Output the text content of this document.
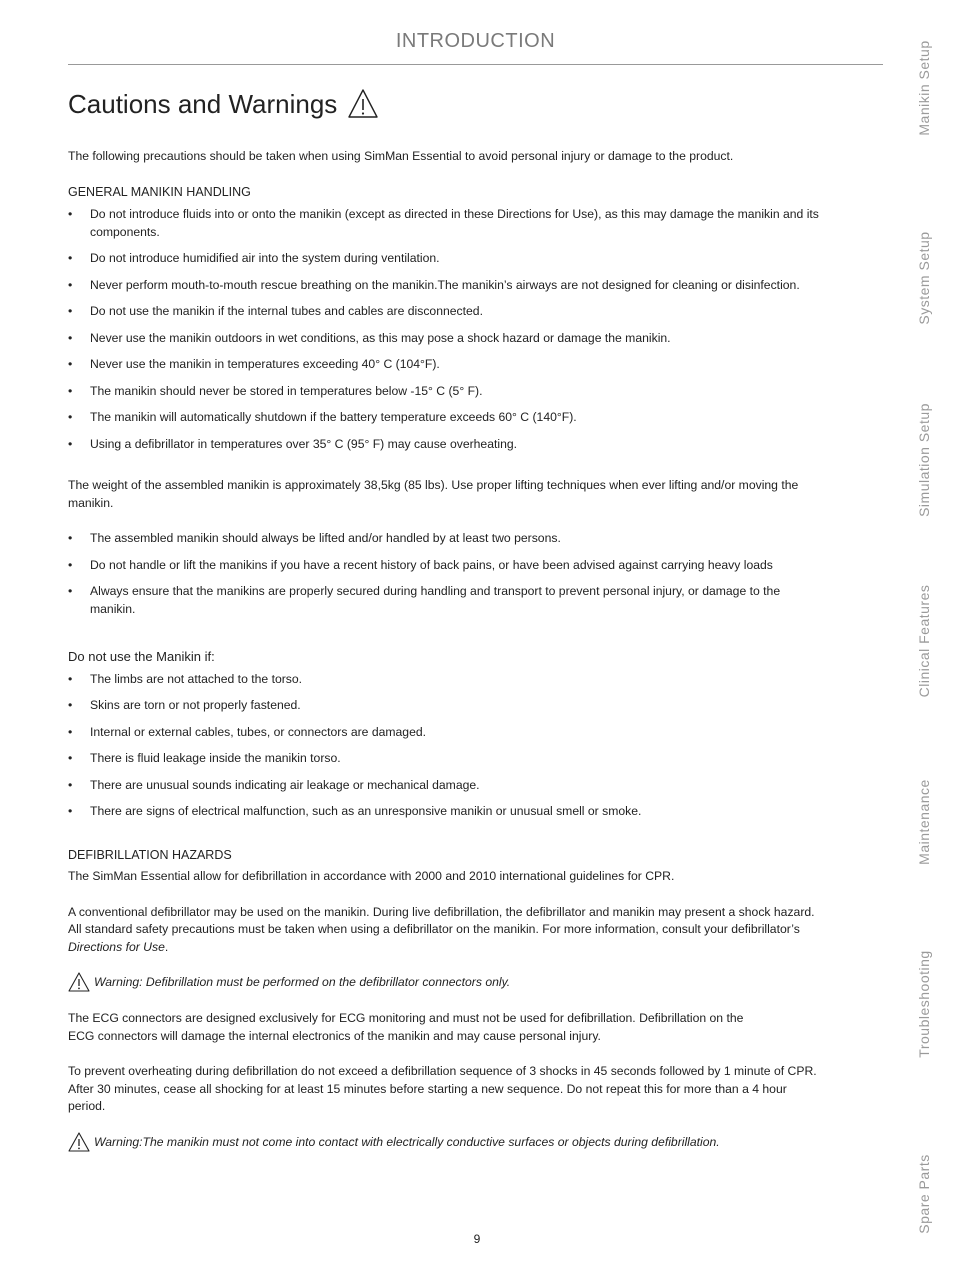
INTRODUCTION
Cautions and Warnings

The following precautions should be taken when using SimMan Essential to avoid personal injury or damage to the product.

GENERAL MANIKIN HANDLING

• Do not introduce fluids into or onto the manikin (except as directed in these Directions for Use), as this may damage the manikin and its components.
• Do not introduce humidified air into the system during ventilation.
• Never perform mouth-to-mouth rescue breathing on the manikin.The manikin’s airways are not designed for cleaning or disinfection.
• Do not use the manikin if the internal tubes and cables are disconnected.
• Never use the manikin outdoors in wet conditions, as this may pose a shock hazard or damage the manikin.
• Never use the manikin in temperatures exceeding 40° C (104°F).
• The manikin should never be stored in temperatures below -15° C (5° F).
• The manikin will automatically shutdown if the battery temperature exceeds 60° C (140°F).
• Using a defibrillator in temperatures over 35° C (95° F) may cause overheating.

The weight of the assembled manikin is approximately 38,5kg (85 lbs). Use proper lifting techniques when ever lifting and/or moving the manikin.

• The assembled manikin should always be lifted and/or handled by at least two persons.
• Do not handle or lift the manikins if you have a recent history of back pains, or have been advised against carrying heavy loads
• Always ensure that the manikins are properly secured during handling and transport to prevent personal injury, or damage to the manikin.

Do not use the Manikin if:

• The limbs are not attached to the torso.
• Skins are torn or not properly fastened.
• Internal or external cables, tubes, or connectors are damaged.
• There is fluid leakage inside the manikin torso.
• There are unusual sounds indicating air leakage or mechanical damage.
• There are signs of electrical malfunction, such as an unresponsive manikin or unusual smell or smoke.

DEFIBRILLATION HAZARDS

The SimMan Essential allow for defibrillation in accordance with 2000 and 2010 international guidelines for CPR.

A conventional defibrillator may be used on the manikin. During live defibrillation, the defibrillator and manikin may present a shock hazard. All standard safety precautions must be taken when using a defibrillator on the manikin. For more information, consult your defibrillator’s Directions for Use.

Warning: Defibrillation must be performed on the defibrillator connectors only.

The ECG connectors are designed exclusively for ECG monitoring and must not be used for defibrillation. Defibrillation on the ECG connectors will damage the internal electronics of the manikin and may cause personal injury.

To prevent overheating during defibrillation do not exceed a defibrillation sequence of 3 shocks in 45 seconds followed by 1 minute of CPR. After 30 minutes, cease all shocking for at least 15 minutes before starting a new sequence. Do not repeat this for more than a 4 hour period.

Warning:The manikin must not come into contact with electrically conductive surfaces or objects during defibrillation.
Manikin Setup
System Setup
Simulation Setup
Clinical Features
Maintenance
Troubleshooting
Spare Parts
9
